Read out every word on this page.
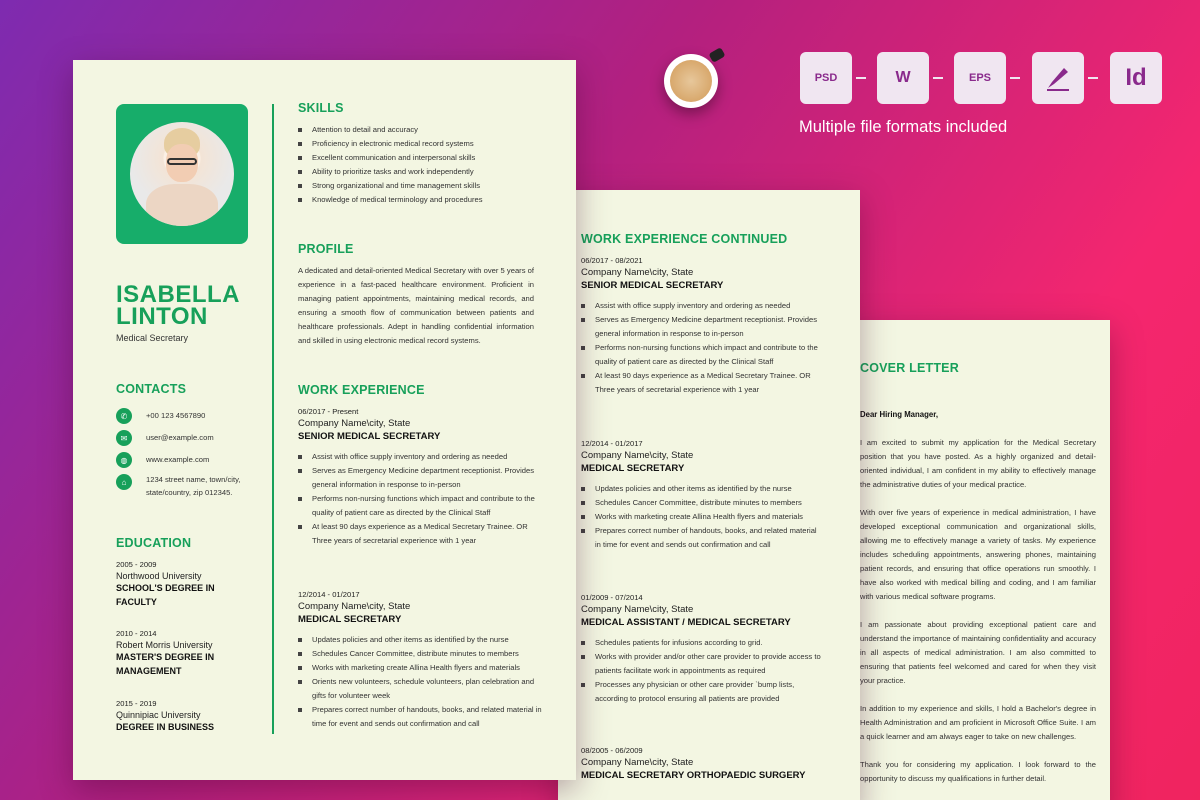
PSD	W	EPS	Id
Multiple file formats included
COVER LETTER
Dear Hiring Manager,

I am excited to submit my application for the Medical Secretary position that you have posted. As a highly organized and detail-oriented individual, I am confident in my ability to effectively manage the administrative duties of your medical practice.

With over five years of experience in medical administration, I have developed exceptional communication and organizational skills, allowing me to effectively manage a variety of tasks. My experience includes scheduling appointments, answering phones, maintaining patient records, and ensuring that office operations run smoothly. I have also worked with medical billing and coding, and I am familiar with various medical software programs.

I am passionate about providing exceptional patient care and understand the importance of maintaining confidentiality and accuracy in all aspects of medical administration. I am also committed to ensuring that patients feel welcomed and cared for when they visit your practice.

In addition to my experience and skills, I hold a Bachelor's degree in Health Administration and am proficient in Microsoft Office Suite. I am a quick learner and am always eager to take on new challenges.

Thank you for considering my application. I look forward to the opportunity to discuss my qualifications in further detail.

WORK EXPERIENCE CONTINUED
06/2017 - 08/2021
Company Name\city, State
SENIOR MEDICAL SECRETARY
Assist with office supply inventory and ordering as needed
Serves as Emergency Medicine department receptionist. Provides general information in response to in-person
Performs non-nursing functions which impact and contribute to the quality of patient care as directed by the Clinical Staff
At least 90 days experience as a Medical Secretary Trainee. OR Three years of secretarial experience with 1 year
12/2014 - 01/2017
Company Name\city, State
MEDICAL SECRETARY
Updates policies and other items as identified by the nurse
Schedules Cancer Committee, distribute minutes to members
Works with marketing create Allina Health flyers and materials
Prepares correct number of handouts, books, and related material in time for event and sends out confirmation and call
01/2009 - 07/2014
Company Name\city, State
MEDICAL ASSISTANT / MEDICAL SECRETARY
Schedules patients for infusions according to grid.
Works with provider and/or other care provider to provide access to patients facilitate work in appointments as required
Processes any physician or other care provider `bump lists, according to protocol ensuring all patients are provided
08/2005 - 06/2009
Company Name\city, State
MEDICAL SECRETARY ORTHOPAEDIC SURGERY
ISABELLA
LINTON
Medical Secretary
CONTACTS
✆	+00 123 4567890
✉	user@example.com
◍	www.example.com
⌂	1234 street name, town/city, state/country, zip 012345.
EDUCATION
2005 - 2009
Northwood University
SCHOOL'S DEGREE IN FACULTY
2010 - 2014
Robert Morris University
MASTER'S DEGREE IN MANAGEMENT
2015 - 2019
Quinnipiac University
DEGREE IN BUSINESS
SKILLS
Attention to detail and accuracy
Proficiency in electronic medical record systems
Excellent communication and interpersonal skills
Ability to prioritize tasks and work independently
Strong organizational and time management skills
Knowledge of medical terminology and procedures
PROFILE

A dedicated and detail-oriented Medical Secretary with over 5 years of experience in a fast-paced healthcare environment. Proficient in managing patient appointments, maintaining medical records, and ensuring a smooth flow of communication between patients and healthcare professionals. Adept in handling confidential information and skilled in using electronic medical record systems.

WORK EXPERIENCE
06/2017 - Present
Company Name\city, State
SENIOR MEDICAL SECRETARY
Assist with office supply inventory and ordering as needed
Serves as Emergency Medicine department receptionist. Provides general information in response to in-person
Performs non-nursing functions which impact and contribute to the quality of patient care as directed by the Clinical Staff
At least 90 days experience as a Medical Secretary Trainee. OR Three years of secretarial experience with 1 year
12/2014 - 01/2017
Company Name\city, State
MEDICAL SECRETARY
Updates policies and other items as identified by the nurse
Schedules Cancer Committee, distribute minutes to members
Works with marketing create Allina Health flyers and materials
Orients new volunteers, schedule volunteers, plan celebration and gifts for volunteer week
Prepares correct number of handouts, books, and related material in time for event and sends out confirmation and call
